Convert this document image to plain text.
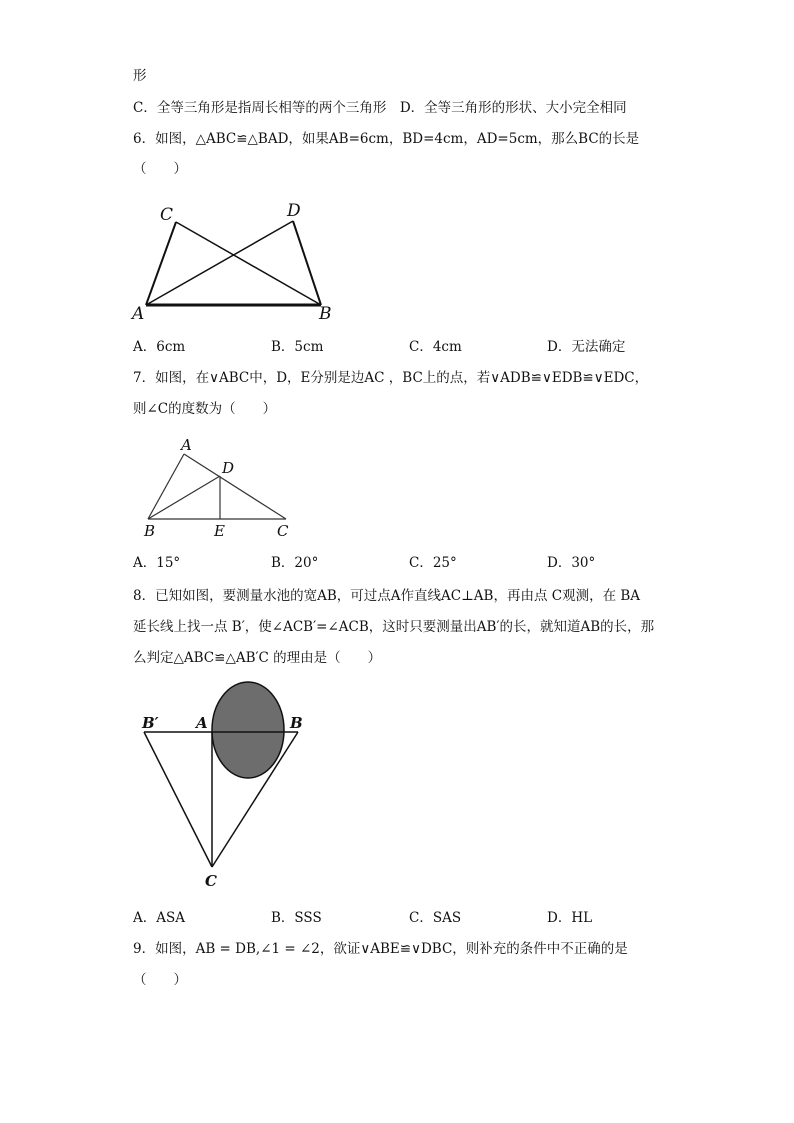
形
C．全等三角形是指周长相等的两个三角形　D．全等三角形的形状、大小完全相同
6．如图，△ABC≌△BAD，如果AB=6cm，BD=4cm，AD=5cm，那么BC的长是
（　　）
C	D
A	B
A．6cm	B．5cm	C．4cm	D．无法确定
7．如图，在∨ABC中，D，E分别是边AC ，BC上的点，若∨ADB≌∨EDB≌∨EDC，
则∠C的度数为（　　）
A
D
B	E	C
A．15°	B．20°	C．25°	D．30°
8．已知如图，要测量水池的宽AB，可过点A作直线AC⊥AB，再由点 C观测，在 BA
延长线上找一点 B′，使∠ACB′=∠ACB，这时只要测量出AB′的长，就知道AB的长，那
么判定△ABC≌△AB′C 的理由是（　　）
B′ A	B
C
A．ASA	B．SSS	C．SAS	D．HL
9．如图，AB = DB,∠1 = ∠2，欲证∨ABE≌∨DBC，则补充的条件中不正确的是
（　　）
